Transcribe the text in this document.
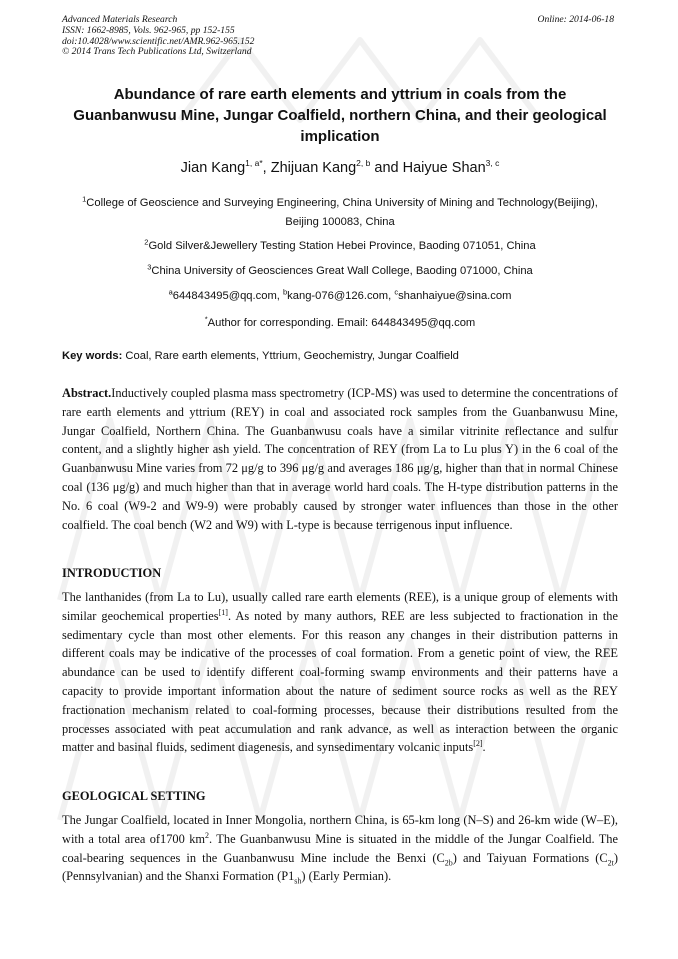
Advanced Materials Research
ISSN: 1662-8985, Vols. 962-965, pp 152-155
doi:10.4028/www.scientific.net/AMR.962-965.152
© 2014 Trans Tech Publications Ltd, Switzerland
Online: 2014-06-18
Abundance of rare earth elements and yttrium in coals from the Guanbanwusu Mine, Jungar Coalfield, northern China, and their geological implication
Jian Kang$^{1, a*}$, Zhijuan Kang$^{2, b}$ and Haiyue Shan$^{3, c}$
$^1$College of Geoscience and Surveying Engineering, China University of Mining and Technology(Beijing), Beijing 100083, China
$^2$Gold Silver&Jewellery Testing Station Hebei Province, Baoding 071051, China
$^3$China University of Geosciences Great Wall College, Baoding 071000, China
$^a$644843495@qq.com, $^b$kang-076@126.com, $^c$shanhaiyue@sina.com
*Author for corresponding. Email: 644843495@qq.com
Key words: Coal, Rare earth elements, Yttrium, Geochemistry, Jungar Coalfield
Abstract.Inductively coupled plasma mass spectrometry (ICP-MS) was used to determine the concentrations of rare earth elements and yttrium (REY) in coal and associated rock samples from the Guanbanwusu Mine, Jungar Coalfield, Northern China. The Guanbanwusu coals have a similar vitrinite reflectance and sulfur content, and a slightly higher ash yield. The concentration of REY (from La to Lu plus Y) in the 6 coal of the Guanbanwusu Mine varies from 72 μg/g to 396 μg/g and averages 186 μg/g, higher than that in normal Chinese coal (136 μg/g) and much higher than that in average world hard coals. The H-type distribution patterns in the No. 6 coal (W9-2 and W9-9) were probably caused by stronger water influences than those in the other coalfield. The coal bench (W2 and W9) with L-type is because terrigenous input influence.
INTRODUCTION
The lanthanides (from La to Lu), usually called rare earth elements (REE), is a unique group of elements with similar geochemical properties[1]. As noted by many authors, REE are less subjected to fractionation in the sedimentary cycle than most other elements. For this reason any changes in their distribution patterns in different coals may be indicative of the processes of coal formation. From a genetic point of view, the REE abundance can be used to identify different coal-forming swamp environments and their patterns have a capacity to provide important information about the nature of sediment source rocks as well as the REY fractionation mechanism related to coal-forming processes, because their distributions resulted from the processes associated with peat accumulation and rank advance, as well as interaction between the organic matter and basinal fluids, sediment diagenesis, and synsedimentary volcanic inputs[2].
GEOLOGICAL SETTING
The Jungar Coalfield, located in Inner Mongolia, northern China, is 65-km long (N–S) and 26-km wide (W–E), with a total area of1700 $km^2$. The Guanbanwusu Mine is situated in the middle of the Jungar Coalfield. The coal-bearing sequences in the Guanbanwusu Mine include the Benxi $(C_{2b})$ and Taiyuan Formations $(C_{2t})$ (Pennsylvanian) and the Shanxi Formation $(P1_{sh})$ (Early Permian).
